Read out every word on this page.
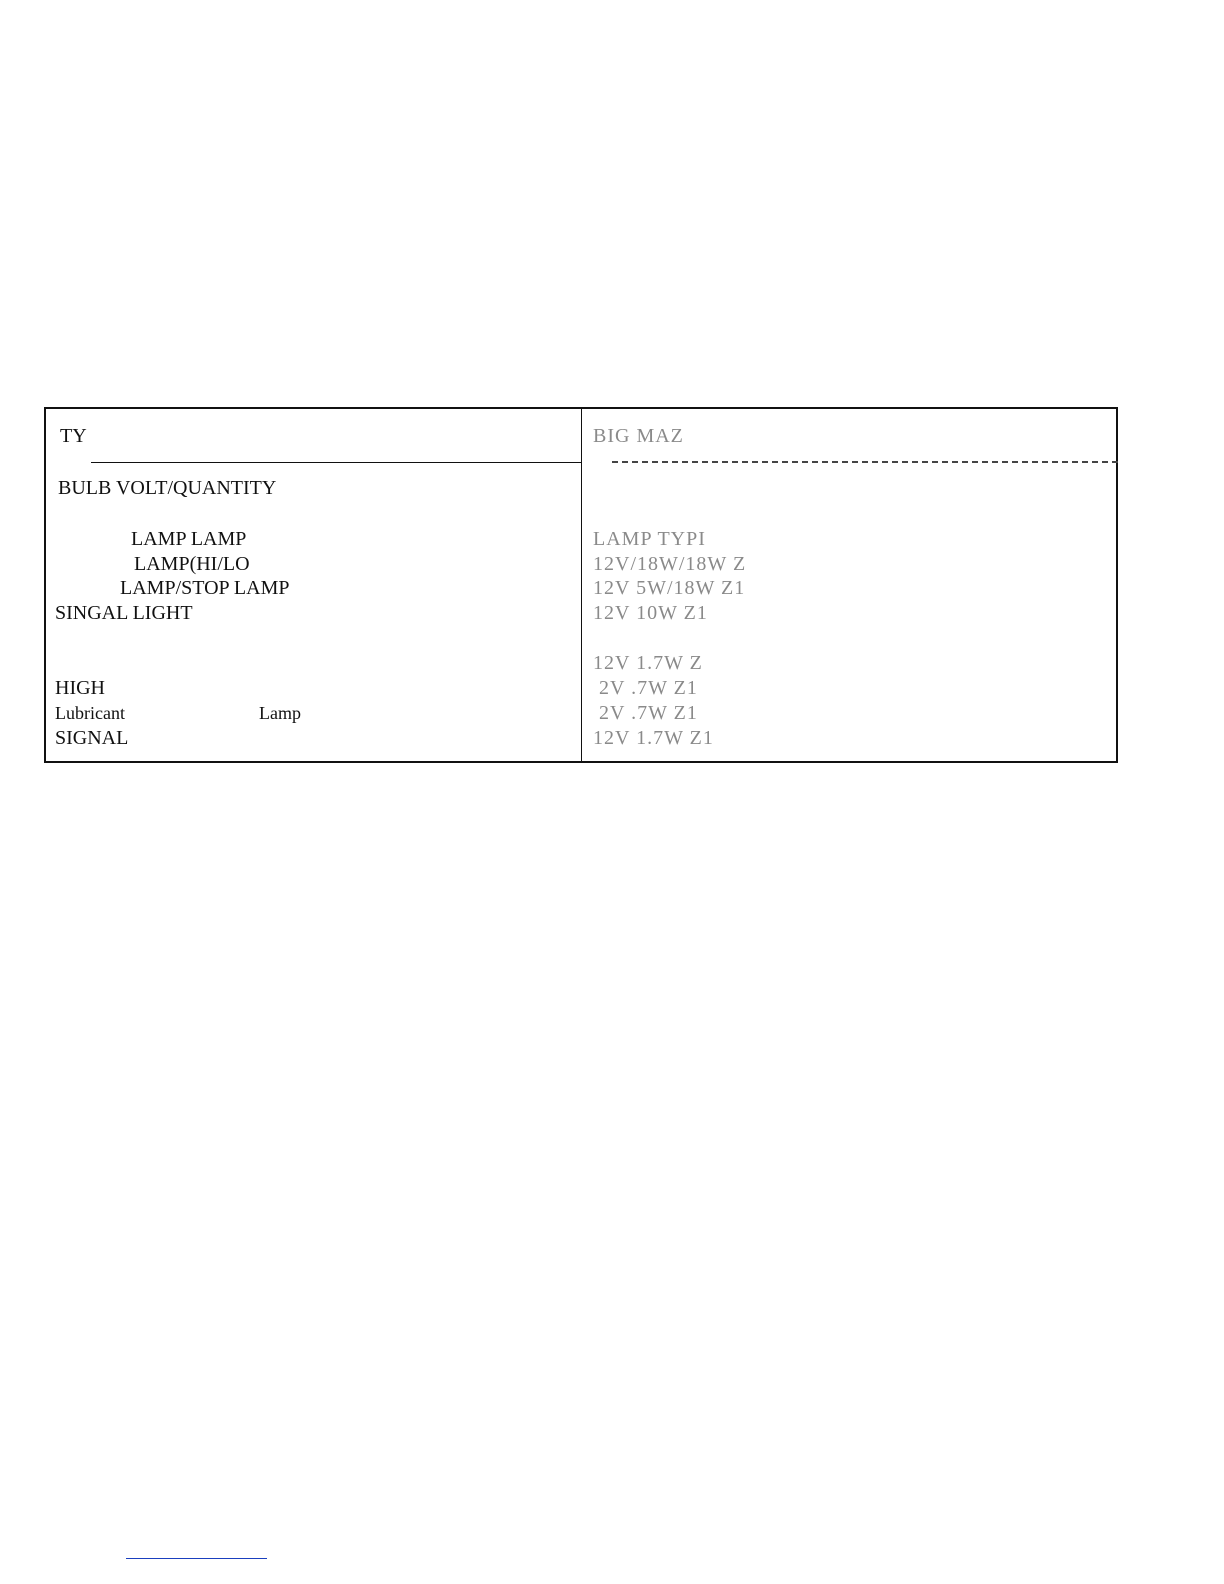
TY	BIG MAZ
BULB VOLT/QUANTITY
LAMP LAMP
LAMP(HI/LO
LAMP/STOP LAMP
SINGAL LIGHT
HIGH
Lubricant	Lamp
SIGNAL
LAMP TYPI
12V/18W/18W Z
12V 5W/18W Z1
12V 10W Z1
12V 1.7W Z
2V .7W Z1
2V .7W Z1
12V 1.7W Z1
